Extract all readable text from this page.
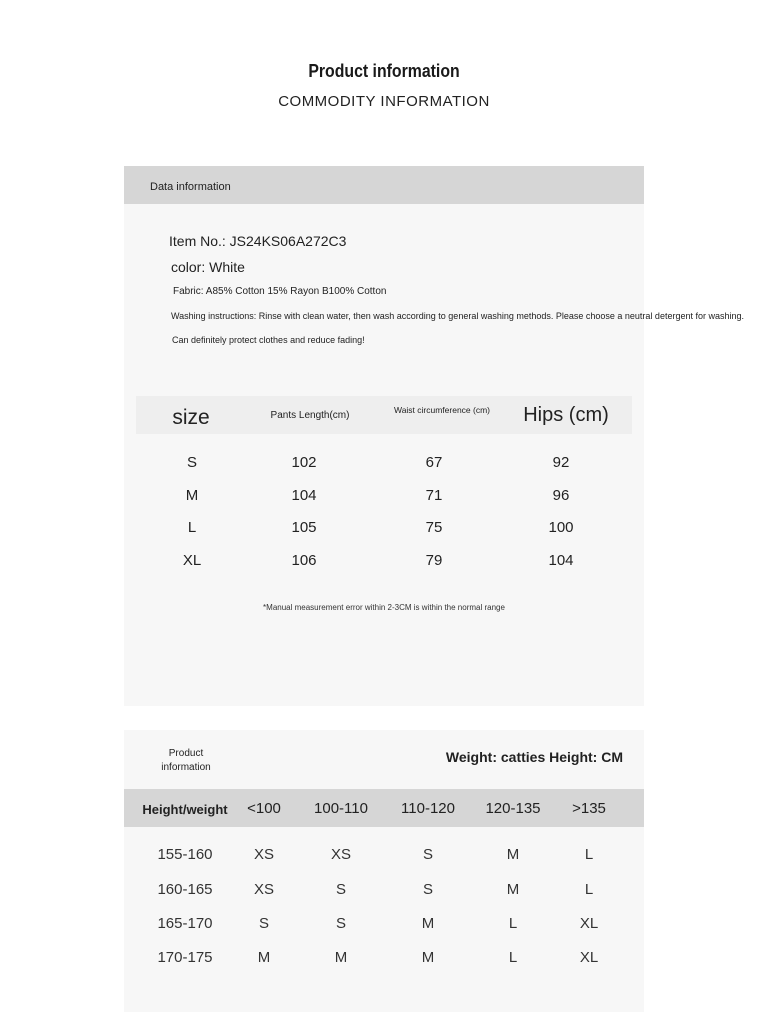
Product information
COMMODITY INFORMATION
Data information
Item No.: JS24KS06A272C3
color: White
Fabric: A85% Cotton 15% Rayon B100% Cotton
Washing instructions: Rinse with clean water, then wash according to general washing methods. Please choose a neutral detergent for washing.
Can definitely protect clothes and reduce fading!
size	Pants Length(cm)	Waist circumference (cm)	Hips (cm)
S	102	67	92
M	104	71	96
L	105	75	100
XL	106	79	104
*Manual measurement error within 2-3CM is within the normal range
Product information
Weight: catties Height: CM
Height/weight <100 100-110 110-120 120-135 >135
155-160	XS	XS	S	M	L
160-165	XS	S	S	M	L
165-170	S	S	M	L	XL
170-175	M	M	M	L	XL
